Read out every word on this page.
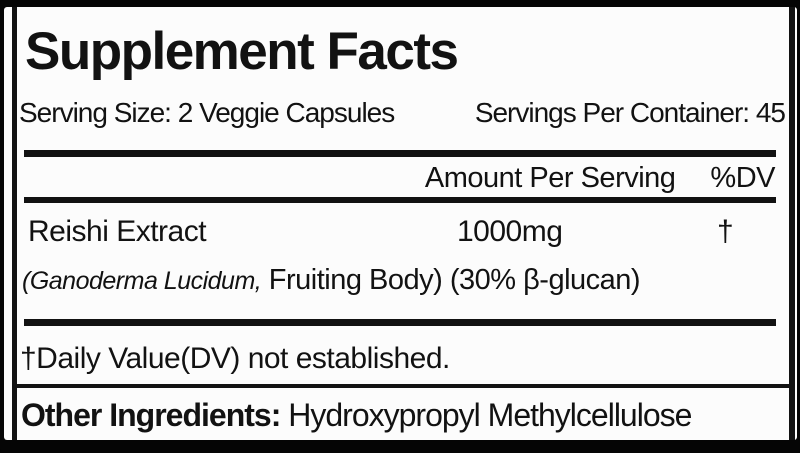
Supplement Facts
Serving Size: 2 Veggie Capsules	Servings Per Container: 45
Amount Per Serving %DV
Reishi Extract	1000mg	†
(Ganoderma Lucidum, Fruiting Body) (30% β-glucan)
†Daily Value(DV) not established.
Other Ingredients: Hydroxypropyl Methylcellulose
